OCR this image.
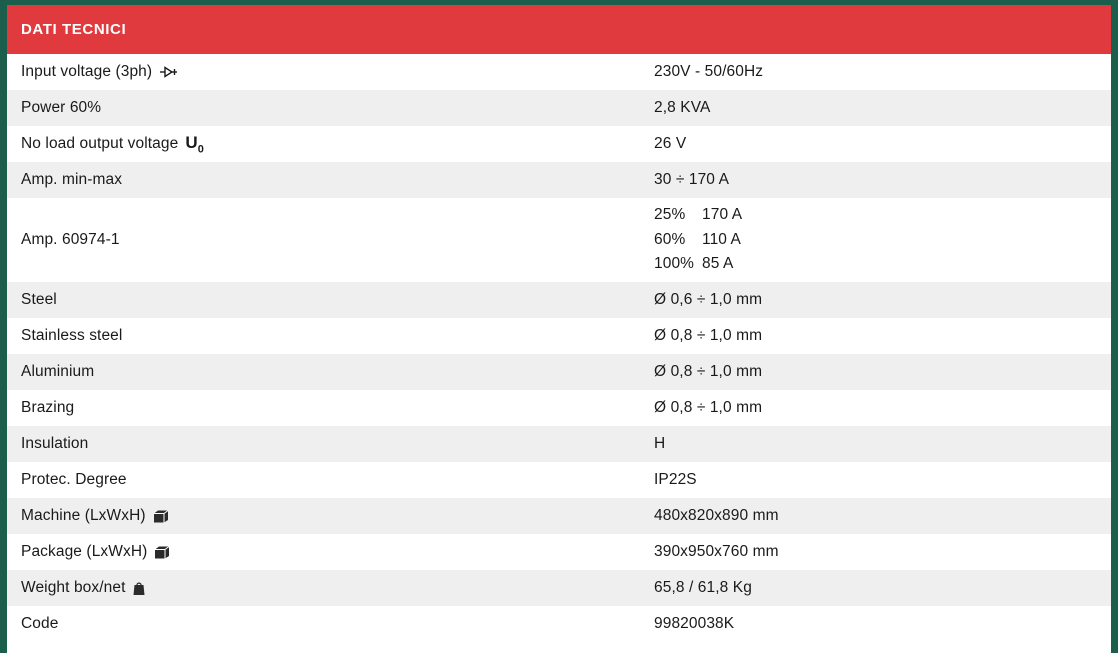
DATI TECNICI
Input voltage (3ph)	230V - 50/60Hz
Power 60%	2,8 KVA

No load output voltage $U_0$	26 V
Amp. min-max	30 ÷ 170 A
Amp. 60974-1	25% 170 A
60% 110 A
100% 85 A

Steel	Ø 0,6 ÷ 1,0 mm
Stainless steel	Ø 0,8 ÷ 1,0 mm
Aluminium	Ø 0,8 ÷ 1,0 mm
Brazing	Ø 0,8 ÷ 1,0 mm
Insulation	H
Protec. Degree	IP22S

Machine (LxWxH)	480x820x890 mm

Package (LxWxH)	390x950x760 mm

Weight box/net	65,8 / 61,8 Kg
Code	99820038K
